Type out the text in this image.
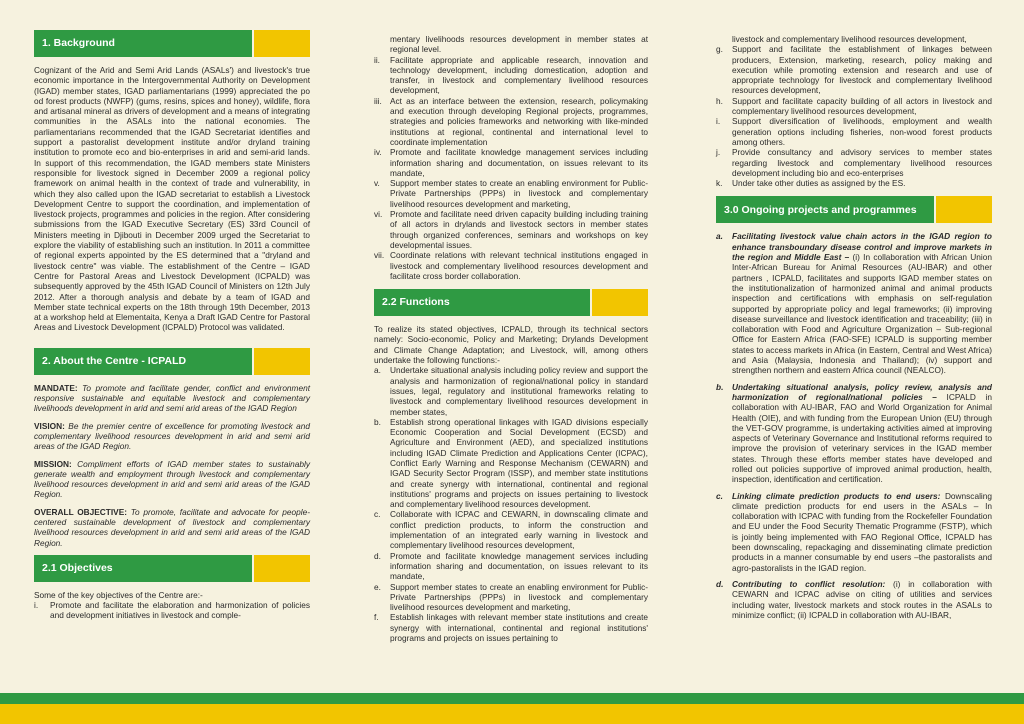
1. Background

Cognizant of the Arid and Semi Arid Lands (ASALs') and livestock's true economic importance in the Intergovernmental Authority on Development (IGAD) member states, IGAD parliamentarians (1999) appreciated the po od forest products (NWFP) (gums, resins, spices and honey), wildlife, flora and artisanal mineral as drivers of development and a means of integrating communities in the ASALs into the national economies. The parliamentarians recommended that the IGAD Secretariat identifies and support a pastoralist development institute and/or dryland training institution to promote eco and bio-enterprises in arid and semi-arid lands. In support of this recommendation, the IGAD members state Ministers responsible for livestock signed in December 2009 a regional policy framework on animal health in the context of trade and vulnerability, in which they also called upon the IGAD secretariat to establish a Livestock Development Centre to support the coordination, and implementation of livestock projects, programmes and policies in the region. After considering submissions from the IGAD Executive Secretary (ES) 33rd Council of Ministers meeting in Djibouti in December 2009 urged the Secretariat to explore the viability of establishing such an institution. In 2011 a committee of regional experts appointed by the ES determined that a "dryland and livestock centre" was viable. The establishment of the Centre – IGAD Centre for Pastoral Areas and Livestock Development (ICPALD) was subsequently approved by the 45th IGAD Council of Ministers on 12th July 2012. After a thorough analysis and debate by a team of IGAD and Member state technical experts on the 18th through 19th December, 2013 at a workshop held at Elementaita, Kenya a Draft IGAD Centre for Pastoral Areas and Livestock Development (ICPALD) Protocol was validated.

2. About the Centre - ICPALD

MANDATE: To promote and facilitate gender, conflict and environment responsive sustainable and equitable livestock and complementary livelihoods development in arid and semi arid areas of the IGAD Region

VISION: Be the premier centre of excellence for promoting livestock and complementary livelihood resources development in arid and semi arid areas of the IGAD Region.

MISSION: Compliment efforts of IGAD member states to sustainably generate wealth and employment through livestock and complementary livelihood resources development in arid and semi arid areas of the IGAD Region.

OVERALL OBJECTIVE: To promote, facilitate and advocate for people-centered sustainable development of livestock and complementary livelihood resources development in arid and semi arid areas of the IGAD Region.

2.1 Objectives

Some of the key objectives of the Centre are:-

i.	Promote and facilitate the elaboration and harmonization of policies and development initiatives in livestock and comple-

mentary livelihoods resources development in member states at regional level.

ii.	Facilitate appropriate and applicable research, innovation and technology development, including domestication, adoption and transfer, in livestock and complementary livelihood resources development,
iii. Act as an interface between the extension, research, policymaking and execution through developing Regional projects, programmes, strategies and policies frameworks and networking with like-minded institutions at regional, continental and international level to coordinate implementation
iv.	Promote and facilitate knowledge management services including information sharing and documentation, on issues relevant to its mandate,
v.	Support member states to create an enabling environment for Public-Private Partnerships (PPPs) in livestock and complementary livelihood resources development and marketing,
vi. Promote and facilitate need driven capacity building including training of all actors in drylands and livestock sectors in member states through organized conferences, seminars and workshops on key developmental issues.
vii. Coordinate relations with relevant technical institutions engaged in livestock and complementary livelihood resources development and facilitate cross border collaboration.
2.2 Functions

To realize its stated objectives, ICPALD, through its technical sectors namely: Socio-economic, Policy and Marketing; Drylands Development and Climate Change Adaptation; and Livestock, will, among others undertake the following functions:-

a.	Undertake situational analysis including policy review and support the analysis and harmonization of regional/national policy in standard issues, legal, regulatory and institutional frameworks relating to livestock and complementary livelihood resources development in member states,
b.	Establish strong operational linkages with IGAD divisions especially Economic Cooperation and Social Development (ECSD) and Agriculture and Environment (AED), and specialized institutions including IGAD Climate Prediction and Applications Center (ICPAC), Conflict Early Warning and Response Mechanism (CEWARN) and IGAD Security Sector Program (ISSP), and member state institutions and create synergy with international, continental and regional institutions' programs and projects on issues pertaining to livestock and complementary livelihood resources development.
c.	Collaborate with ICPAC and CEWARN, in downscaling climate and conflict prediction products, to inform the construction and implementation of an integrated early warning in livestock and complementary livelihood resources development,
d.	Promote and facilitate knowledge management services including information sharing and documentation, on issues relevant to its mandate,
e.	Support member states to create an enabling environment for Public-Private Partnerships (PPPs) in livestock and complementary livelihood resources development and marketing,
f.	Establish linkages with relevant member state institutions and create synergy with international, continental and regional institutions' programs and projects on issues pertaining to

livestock and complementary livelihood resources development,

g.	Support and facilitate the establishment of linkages between producers, Extension, marketing, research, policy making and execution while promoting extension and research and use of appropriate technology for livestock and complementary livelihood resources development,
h.	Support and facilitate capacity building of all actors in livestock and complementary livelihood resources development,
i.	Support diversification of livelihoods, employment and wealth generation options including fisheries, non-wood forest products among others.
j.	Provide consultancy and advisory services to member states regarding livestock and complementary livelihood resources development including bio and eco-enterprises
k.	Under take other duties as assigned by the ES.
3.0 Ongoing projects and programmes
a.	Facilitating livestock value chain actors in the IGAD region to enhance transboundary disease control and improve markets in the region and Middle East – (i) In collaboration with African Union Inter-African Bureau for Animal Resources (AU-IBAR) and other partners , ICPALD, facilitates and supports IGAD member states on the institutionalization of harmonized animal and animal products inspection and certifications with emphasis on self-regulation supported by appropriate policy and legal frameworks; (ii) improving disease surveillance and livestock identification and traceability; (iii) in collaboration with Food and Agriculture Organization – Sub-regional Office for Eastern Africa (FAO-SFE) ICPALD is supporting member states to access markets in Africa (in Eastern, Central and West Africa) and Asia (Malaysia, Indonesia and Thailand); (iv) support and strengthen northern and eastern Africa council (NEALCO).
b.	Undertaking situational analysis, policy review, analysis and harmonization of regional/national policies – ICPALD in collaboration with AU-IBAR, FAO and World Organization for Animal Health (OIE), and with funding from the European Union (EU) through the VET-GOV programme, is undertaking activities aimed at improving aspects of Veterinary Governance and Institutional reforms required to improve the provision of veterinary services in the IGAD member states. Through these efforts member states have developed and rolled out policies supportive of improved animal production, health, inspection, identification and certification.
c.	Linking climate prediction products to end users: Downscaling climate prediction products for end users in the ASALs – In collaboration with ICPAC with funding from the Rockefeller Foundation and EU under the Food Security Thematic Programme (FSTP), which is jointly being implemented with FAO Regional Office, ICPALD has been downscaling, repackaging and disseminating climate prediction products in a manner consumable by end users –the pastoralists and agro-pastoralists in the IGAD region.
d.	Contributing to conflict resolution: (i) in collaboration with CEWARN and ICPAC advise on citing of utilities and services including water, livestock markets and stock routes in the ASALs to minimize conflict; (ii) ICPALD in collaboration with AU-IBAR,
